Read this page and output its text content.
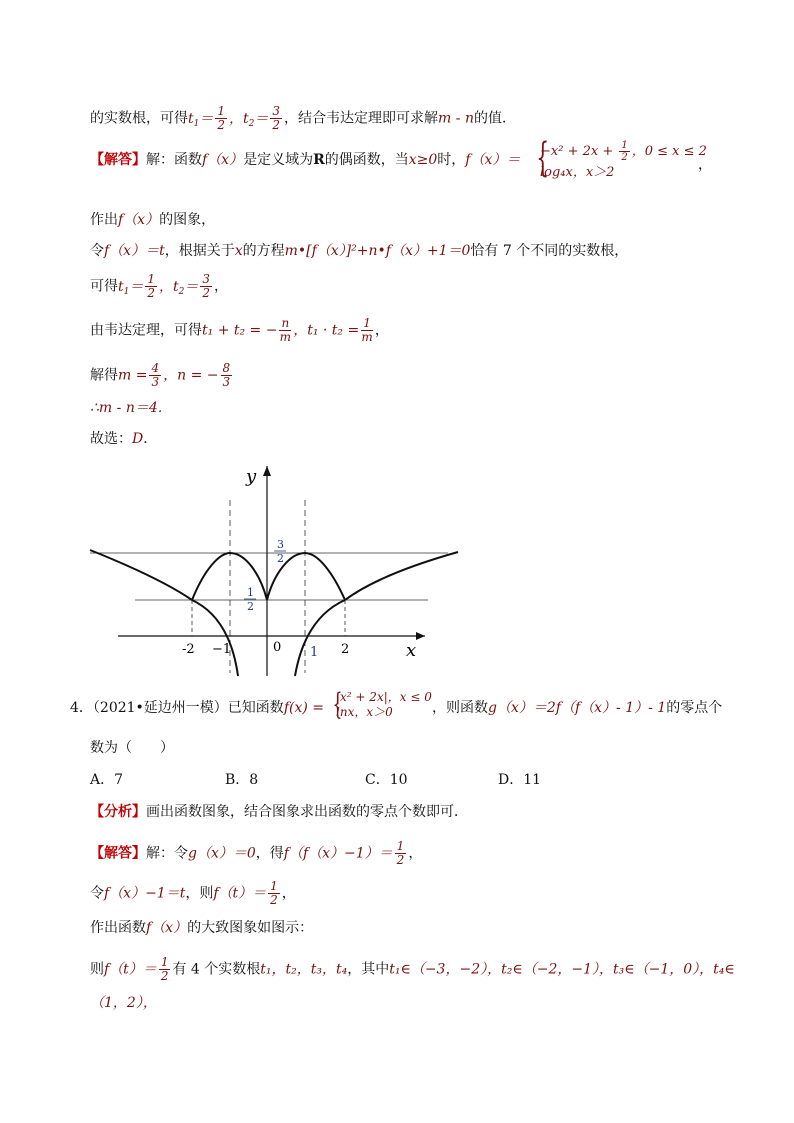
的实数根，可得$t_1= \frac{1}{2}$ ，$t_2= \frac{3}{2}$ ，结合韦达定理即可求解m - n的值．
【解答】解：函数f（x）是定义域为R的偶函数，当x≥0时，f（x）＝ {
$-x^2 + 2x + \frac{1}{2}$ ，0 ≤ x ≤ 2
log₄x，x＞2	，
作出f（x）的图象，
令f（x）＝t，根据关于x的方程m•[f（x）]²+n•f（x）+1＝0恰有 7 个不同的实数根，
可得$t_1= \frac{1}{2}$ ，$t_2= \frac{3}{2}$ ，
由韦达定理，可得t₁ + t₂ = − $\frac{n}{m}$ ，$t_1 \cdot t_2 = \frac{1}{m}$ ，
解得$m = \frac{4}{3}$ ，n = − $\frac{8}{3}$
∴m - n＝4．
故选：D．
y
x
-2 −1	0 1 2
3
2
1
2
4．（2021•延边州一模）已知函数f(x) = {
|x² + 2x|，x ≤ 0
lnx，x＞0	，则函数g（x）＝2f（f（x）- 1）- 1的零点个
数为（　　）
A．7	B．8	C．10	D．11
【分析】画出函数图象，结合图象求出函数的零点个数即可．
【解答】解：令g（x）＝0，得$f(f(x)-1)= \frac{1}{2}$ ，
令f（x）−1＝t，则$f(t)= \frac{1}{2}$ ，
作出函数f（x）的大致图象如图示：
则$f(t)= \frac{1}{2}$ 有 4 个实数根t₁，t₂，t₃，t₄，其中t₁∈（−3，−2），t₂∈（−2，−1），t₃∈（−1，0），t₄∈
（1，2），
